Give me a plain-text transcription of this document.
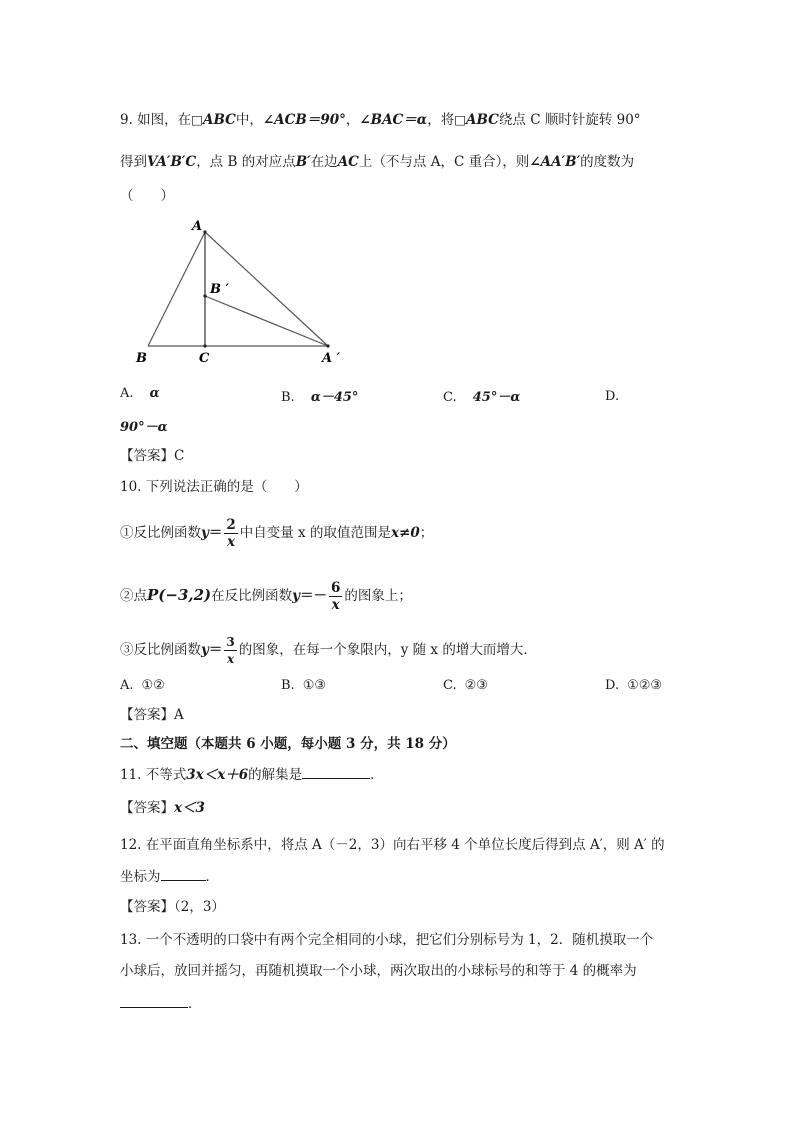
9. 如图，在□ABC中，∠ACB＝90°，∠BAC＝α，将□ABC绕点 C 顺时针旋转 90°
得到VA′B′C，点 B 的对应点B′在边AC上（不与点 A，C 重合），则∠AA′B′的度数为
（　　）
A
B ′
B	C	A ′
A. α	B. α－45°	C. 45°－α	D.
90°－α
【答案】C
10. 下列说法正确的是（　　）
①反比例函数$y= \frac{2}{x}$ 中自变量 x 的取值范围是x≠0；
②点P(−3,2)在反比例函数$y=- \frac{6}{x}$ 的图象上；
③反比例函数$y= \frac{3}{x}$ 的图象，在每一个象限内，y 随 x 的增大而增大．
A. ①②	B. ①③	C. ②③	D. ①②③
【答案】A
二、填空题（本题共 6 小题，每小题 3 分，共 18 分）
11. 不等式3x＜x＋6的解集是	．
【答案】x＜3
12. 在平面直角坐标系中，将点 A（－2，3）向右平移 4 个单位长度后得到点 A′，则 A′ 的
坐标为	．
【答案】（2，3）
13. 一个不透明的口袋中有两个完全相同的小球，把它们分别标号为 1，2．随机摸取一个
小球后，放回并摇匀，再随机摸取一个小球，两次取出的小球标号的和等于 4 的概率为
．
